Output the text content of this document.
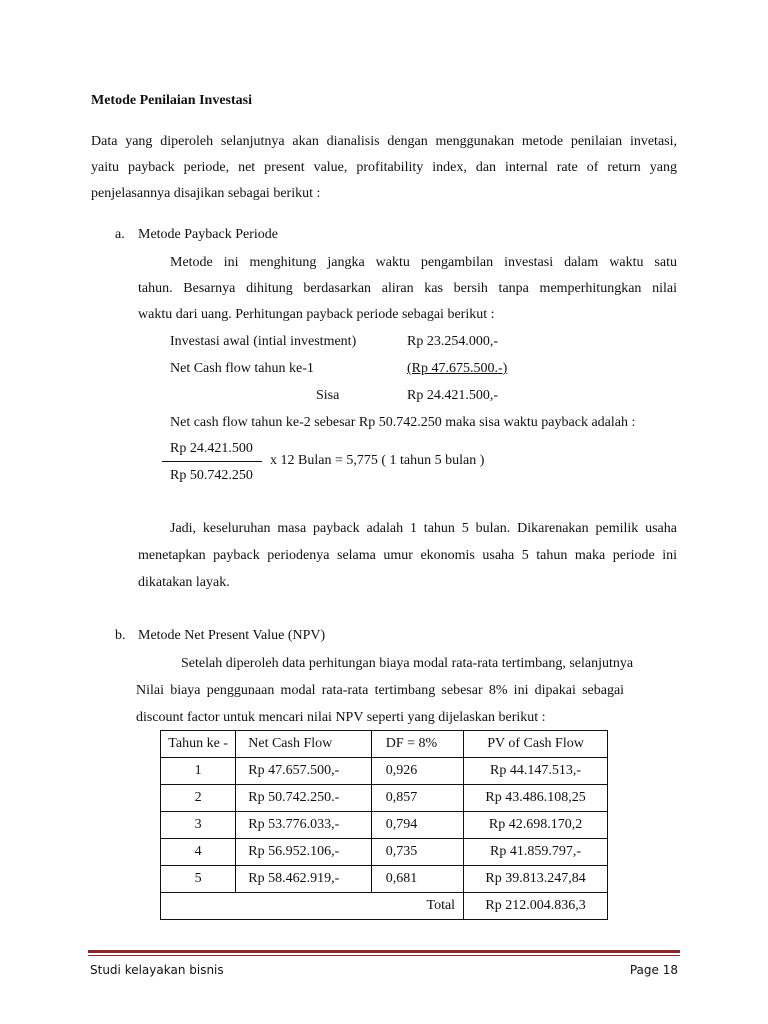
Metode Penilaian Investasi
Data yang diperoleh selanjutnya akan dianalisis dengan menggunakan metode penilaian invetasi,
yaitu payback periode, net present value, profitability index, dan internal rate of return yang
penjelasannya disajikan sebagai berikut :
a. Metode Payback Periode
Metode ini menghitung jangka waktu pengambilan investasi dalam waktu satu
tahun. Besarnya dihitung berdasarkan aliran kas bersih tanpa memperhitungkan nilai
waktu dari uang. Perhitungan payback periode sebagai berikut :
Investasi awal (intial investment)	Rp 23.254.000,-
Net Cash flow tahun ke-1	(Rp 47.675.500.-)
Sisa	Rp 24.421.500,-
Net cash flow tahun ke-2 sebesar Rp 50.742.250 maka sisa waktu payback adalah :
Rp 24.421.500
x 12 Bulan = 5,775 ( 1 tahun 5 bulan )
Rp 50.742.250
Jadi, keseluruhan masa payback adalah 1 tahun 5 bulan. Dikarenakan pemilik usaha
menetapkan payback periodenya selama umur ekonomis usaha 5 tahun maka periode ini
dikatakan layak.
b. Metode Net Present Value (NPV)
Setelah diperoleh data perhitungan biaya modal rata-rata tertimbang, selanjutnya
Nilai biaya penggunaan modal rata-rata tertimbang sebesar 8% ini dipakai sebagai
discount factor untuk mencari nilai NPV seperti yang dijelaskan berikut :
Tahun ke -	Net Cash Flow	DF = 8%	PV of Cash Flow
1	Rp 47.657.500,-	0,926	Rp 44.147.513,-
2	Rp 50.742.250.-	0,857	Rp 43.486.108,25
3	Rp 53.776.033,-	0,794	Rp 42.698.170,2
4	Rp 56.952.106,-	0,735	Rp 41.859.797,-
5	Rp 58.462.919,-	0,681	Rp 39.813.247,84
Total			Rp 212.004.836,3
Studi kelayakan bisnis	Page 18
